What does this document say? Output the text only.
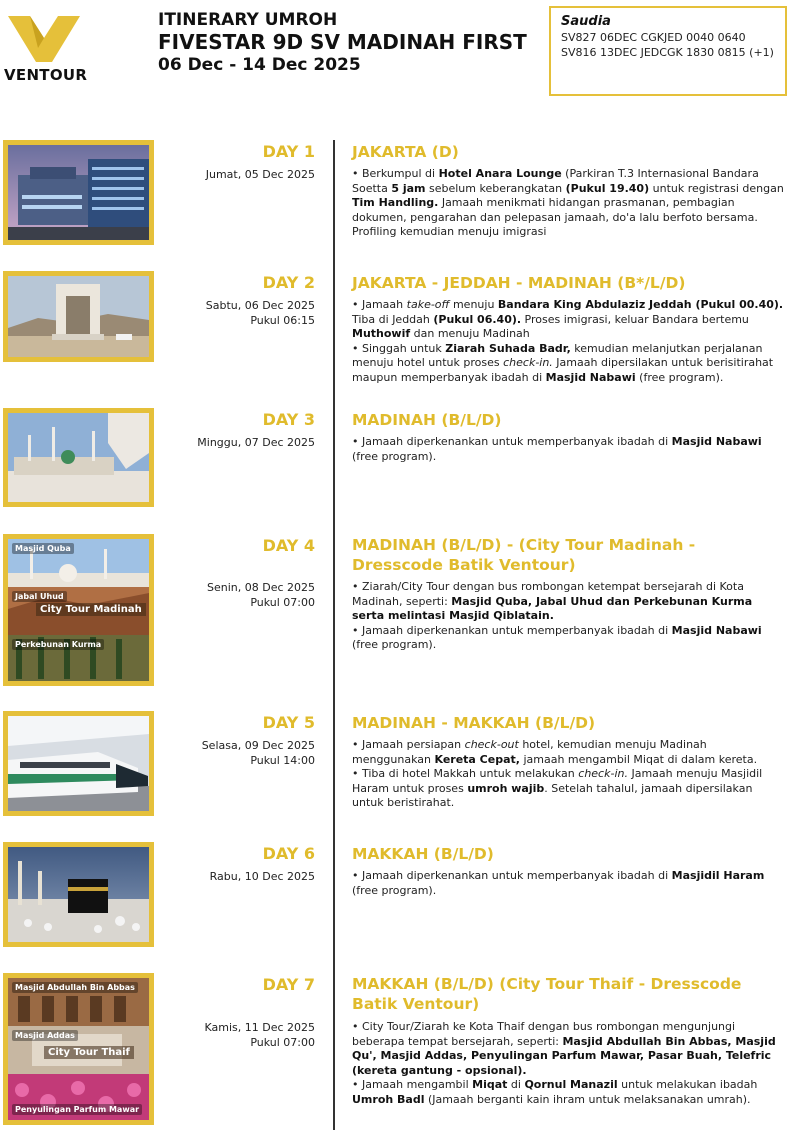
VENTOUR
ITINERARY UMROH
FIVESTAR 9D SV MADINAH FIRST
06 Dec - 14 Dec 2025
Saudia
SV827 06DEC CGKJED 0040 0640
SV816 13DEC JEDCGK 1830 0815 (+1)
DAY 1
Jumat, 05 Dec 2025
JAKARTA (D)
• Berkumpul di Hotel Anara Lounge (Parkiran T.3 Internasional Bandara Soetta 5 jam sebelum keberangkatan (Pukul 19.40) untuk registrasi dengan Tim Handling. Jamaah menikmati hidangan prasmanan, pembagian dokumen, pengarahan dan pelepasan jamaah, do'a lalu berfoto bersama. Profiling kemudian menuju imigrasi
DAY 2
Sabtu, 06 Dec 2025
Pukul 06:15
JAKARTA - JEDDAH - MADINAH (B*/L/D)
• Jamaah take-off menuju Bandara King Abdulaziz Jeddah (Pukul 00.40). Tiba di Jeddah (Pukul 06.40). Proses imigrasi, keluar Bandara bertemu Muthowif dan menuju Madinah
• Singgah untuk Ziarah Suhada Badr, kemudian melanjutkan perjalanan menuju hotel untuk proses check-in. Jamaah dipersilakan untuk berisitirahat maupun memperbanyak ibadah di Masjid Nabawi (free program).
DAY 3
Minggu, 07 Dec 2025
MADINAH (B/L/D)
• Jamaah diperkenankan untuk memperbanyak ibadah di Masjid Nabawi (free program).
Masjid Quba
Jabal Uhud
City Tour Madinah
Perkebunan Kurma
DAY 4
Senin, 08 Dec 2025
Pukul 07:00
MADINAH (B/L/D) - (City Tour Madinah - Dresscode Batik Ventour)
• Ziarah/City Tour dengan bus rombongan ketempat bersejarah di Kota Madinah, seperti: Masjid Quba, Jabal Uhud dan Perkebunan Kurma serta melintasi Masjid Qiblatain.
• Jamaah diperkenankan untuk memperbanyak ibadah di Masjid Nabawi (free program).
DAY 5
Selasa, 09 Dec 2025
Pukul 14:00
MADINAH - MAKKAH (B/L/D)
• Jamaah persiapan check-out hotel, kemudian menuju Madinah menggunakan Kereta Cepat, jamaah mengambil Miqat di dalam kereta.
• Tiba di hotel Makkah untuk melakukan check-in. Jamaah menuju Masjidil Haram untuk proses umroh wajib. Setelah tahalul, jamaah dipersilakan untuk beristirahat.
DAY 6
Rabu, 10 Dec 2025
MAKKAH (B/L/D)
• Jamaah diperkenankan untuk memperbanyak ibadah di Masjidil Haram (free program).
Masjid Abdullah Bin Abbas
Masjid Addas
City Tour Thaif
Penyulingan Parfum Mawar
DAY 7
Kamis, 11 Dec 2025
Pukul 07:00
MAKKAH (B/L/D) (City Tour Thaif - Dresscode Batik Ventour)
• City Tour/Ziarah ke Kota Thaif dengan bus rombongan mengunjungi beberapa tempat bersejarah, seperti: Masjid Abdullah Bin Abbas, Masjid Qu', Masjid Addas, Penyulingan Parfum Mawar, Pasar Buah, Telefric (kereta gantung - opsional).
• Jamaah mengambil Miqat di Qornul Manazil untuk melakukan ibadah Umroh Badl (Jamaah berganti kain ihram untuk melaksanakan umrah).
